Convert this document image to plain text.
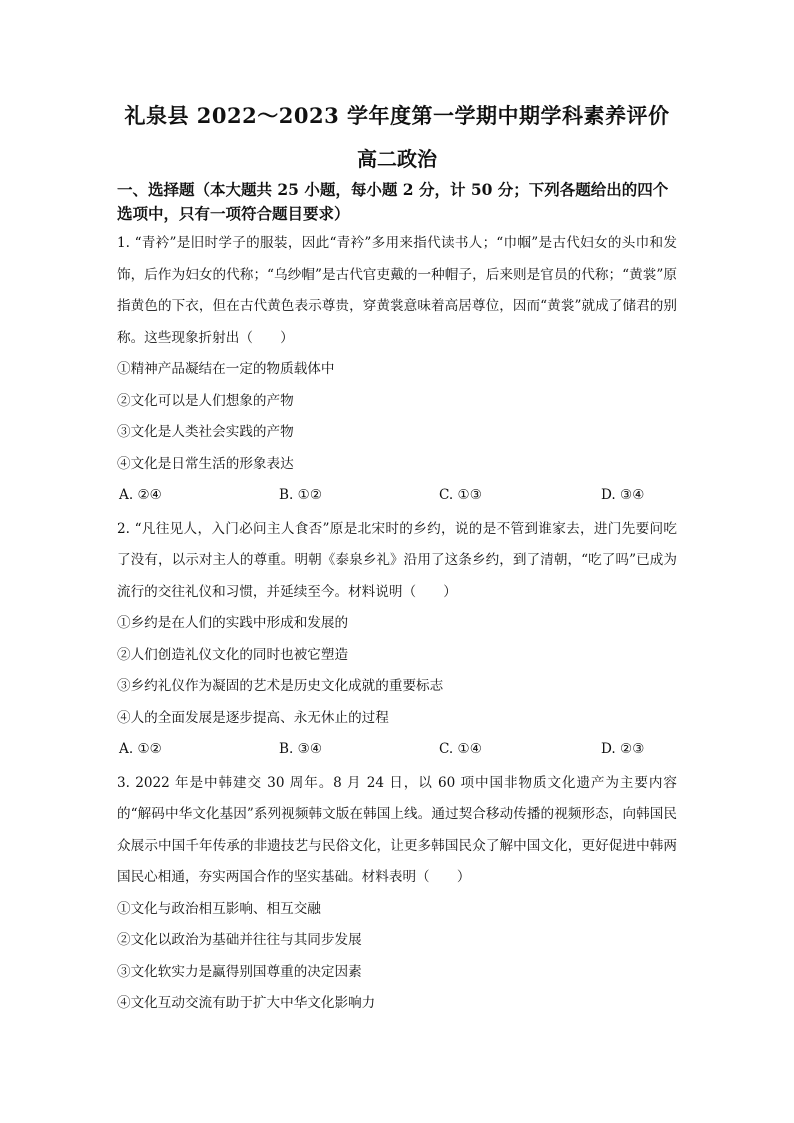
礼泉县 2022～2023 学年度第一学期中期学科素养评价
高二政治
一、选择题（本大题共 25 小题，每小题 2 分，计 50 分；下列各题给出的四个选项中，只有一项符合题目要求）
1. “青衿”是旧时学子的服装，因此“青衿”多用来指代读书人；“巾帼”是古代妇女的头巾和发饰，后作为妇女的代称；“乌纱帽”是古代官吏戴的一种帽子，后来则是官员的代称；“黄裳”原指黄色的下衣，但在古代黄色表示尊贵，穿黄裳意味着高居尊位，因而“黄裳”就成了储君的别称。这些现象折射出（　　）
①精神产品凝结在一定的物质载体中
②文化可以是人们想象的产物
③文化是人类社会实践的产物
④文化是日常生活的形象表达
A. ②④	B. ①②	C. ①③	D. ③④
2. “凡往见人，入门必问主人食否”原是北宋时的乡约，说的是不管到谁家去，进门先要问吃了没有，以示对主人的尊重。明朝《泰泉乡礼》沿用了这条乡约，到了清朝，“吃了吗”已成为流行的交往礼仪和习惯，并延续至今。材料说明（　　）
①乡约是在人们的实践中形成和发展的
②人们创造礼仪文化的同时也被它塑造
③乡约礼仪作为凝固的艺术是历史文化成就的重要标志
④人的全面发展是逐步提高、永无休止的过程
A. ①②	B. ③④	C. ①④	D. ②③
3. 2022 年是中韩建交 30 周年。8 月 24 日，以 60 项中国非物质文化遗产为主要内容的“解码中华文化基因”系列视频韩文版在韩国上线。通过契合移动传播的视频形态，向韩国民众展示中国千年传承的非遗技艺与民俗文化，让更多韩国民众了解中国文化，更好促进中韩两国民心相通，夯实两国合作的坚实基础。材料表明（　　）
①文化与政治相互影响、相互交融
②文化以政治为基础并往往与其同步发展
③文化软实力是赢得别国尊重的决定因素
④文化互动交流有助于扩大中华文化影响力
